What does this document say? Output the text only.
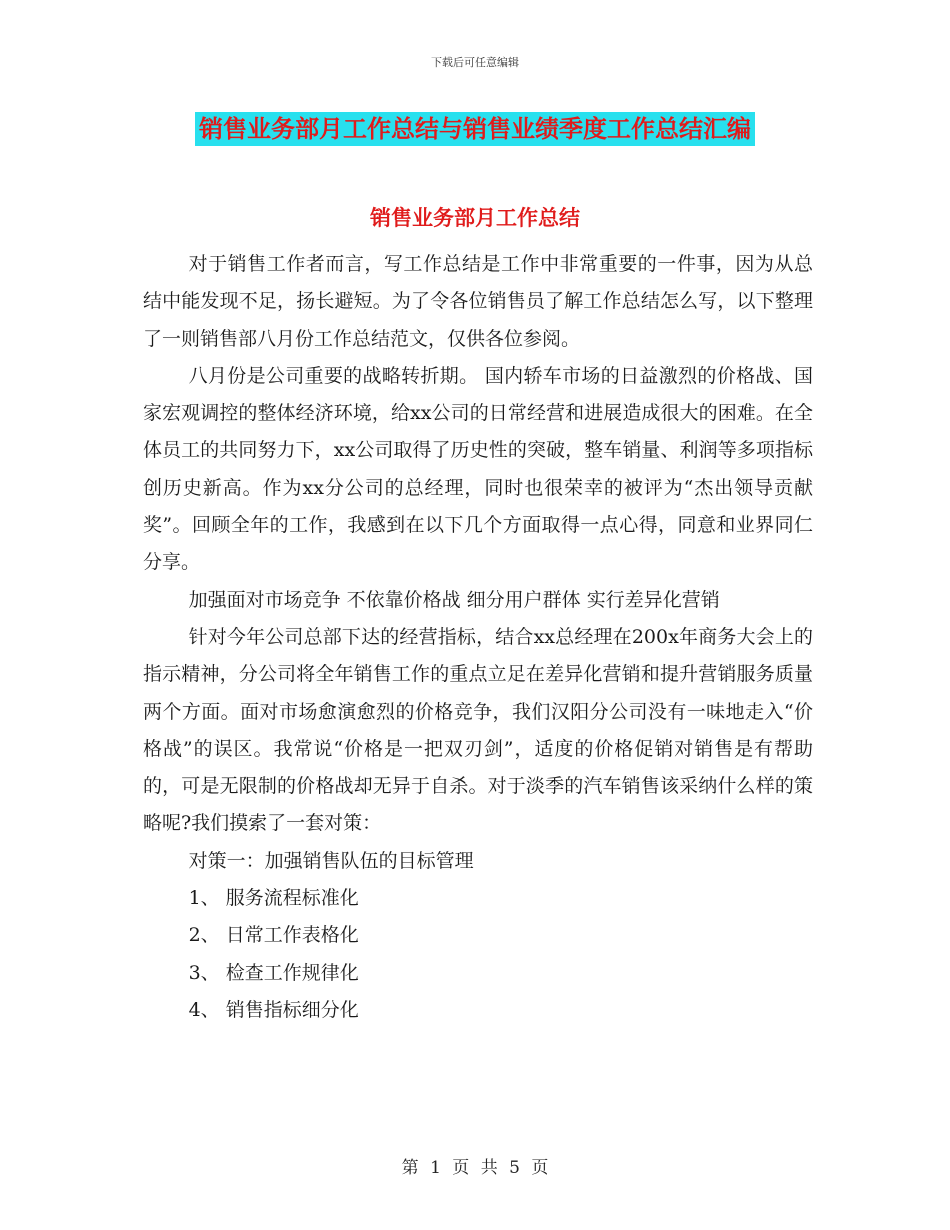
下载后可任意编辑
销售业务部月工作总结与销售业绩季度工作总结汇编
销售业务部月工作总结

对于销售工作者而言，写工作总结是工作中非常重要的一件事，因为从总结中能发现不足，扬长避短。为了令各位销售员了解工作总结怎么写，以下整理了一则销售部八月份工作总结范文，仅供各位参阅。

八月份是公司重要的战略转折期。 国内轿车市场的日益激烈的价格战、国家宏观调控的整体经济环境，给xx公司的日常经营和进展造成很大的困难。在全体员工的共同努力下，xx公司取得了历史性的突破，整车销量、利润等多项指标创历史新高。作为xx分公司的总经理，同时也很荣幸的被评为“杰出领导贡献奖”。回顾全年的工作，我感到在以下几个方面取得一点心得，同意和业界同仁分享。

加强面对市场竞争 不依靠价格战 细分用户群体 实行差异化营销

针对今年公司总部下达的经营指标，结合xx总经理在200x年商务大会上的指示精神，分公司将全年销售工作的重点立足在差异化营销和提升营销服务质量两个方面。面对市场愈演愈烈的价格竞争，我们汉阳分公司没有一味地走入“价格战”的误区。我常说“价格是一把双刃剑”，适度的价格促销对销售是有帮助的，可是无限制的价格战却无异于自杀。对于淡季的汽车销售该采纳什么样的策略呢?我们摸索了一套对策：

对策一：加强销售队伍的目标管理

1、 服务流程标准化

2、 日常工作表格化

3、 检查工作规律化

4、 销售指标细分化

第 1 页 共 5 页
